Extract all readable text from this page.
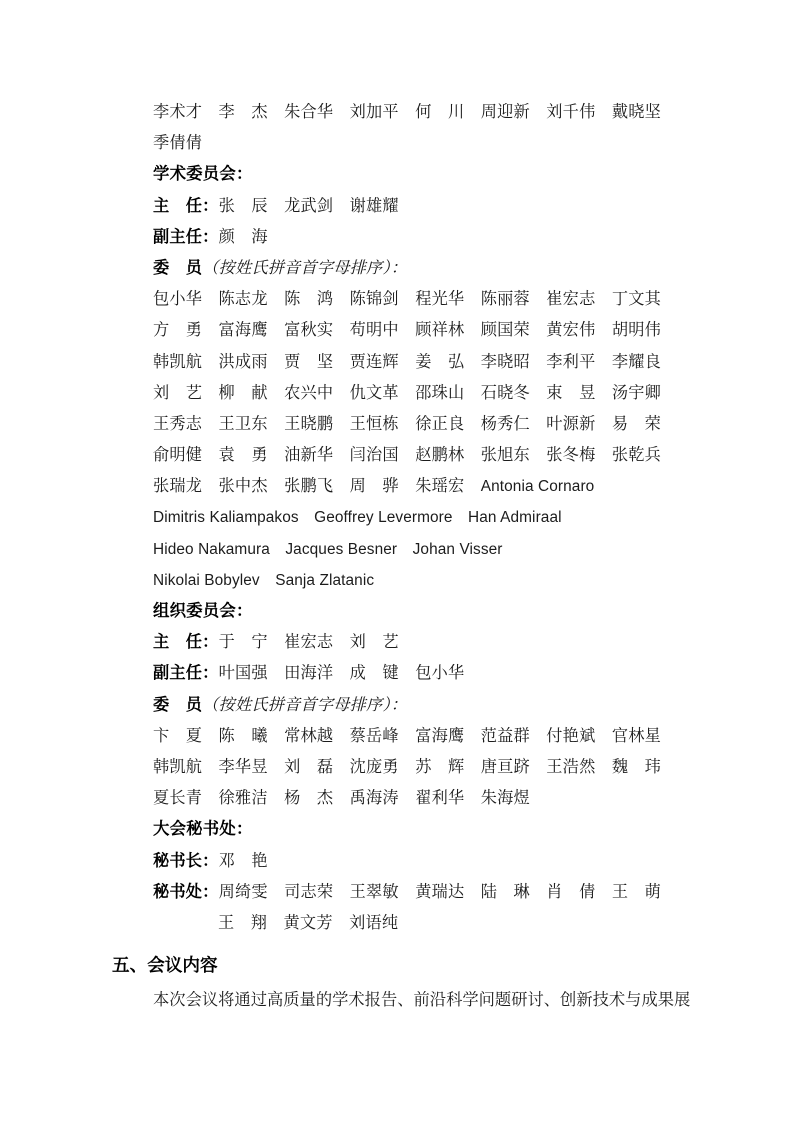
李术才　李　杰　朱合华　刘加平　何　川　周迎新　刘千伟　戴晓坚
季倩倩
学术委员会：
主　任：张　辰　龙武剑　谢雄耀
副主任：颜　海
委　员（按姓氏拼音首字母排序）：
包小华　陈志龙　陈　鸿　陈锦剑　程光华　陈丽蓉　崔宏志　丁文其
方　勇　富海鹰　富秋实　苟明中　顾祥林　顾国荣　黄宏伟　胡明伟
韩凯航　洪成雨　贾　坚　贾连辉　姜　弘　李晓昭　李利平　李耀良
刘　艺　柳　献　农兴中　仇文革　邵珠山　石晓冬　束　昱　汤宇卿
王秀志　王卫东　王晓鹏　王恒栋　徐正良　杨秀仁　叶源新　易　荣
俞明健　袁　勇　油新华　闫治国　赵鹏林　张旭东　张冬梅　张乾兵
张瑞龙　张中杰　张鹏飞　周　骅　朱瑶宏　Antonia Cornaro
Dimitris Kaliampakos　Geoffrey Levermore　Han Admiraal
Hideo Nakamura　Jacques Besner　Johan Visser
Nikolai Bobylev　Sanja Zlatanic
组织委员会：
主　任：于　宁　崔宏志　刘　艺
副主任：叶国强　田海洋　成　键　包小华
委　员（按姓氏拼音首字母排序）：
卞　夏　陈　曦　常林越　蔡岳峰　富海鹰　范益群　付艳斌　官林星
韩凯航　李华昱　刘　磊　沈庞勇　苏　辉　唐亘跻　王浩然　魏　玮
夏长青　徐雅洁　杨　杰　禹海涛　翟利华　朱海煜
大会秘书处：
秘书长：邓　艳
秘书处：周绮雯　司志荣　王翠敏　黄瑞达　陆　琳　肖　倩　王　萌
王　翔　黄文芳　刘语纯
五、会议内容

本次会议将通过高质量的学术报告、前沿科学问题研讨、创新技术与成果展
